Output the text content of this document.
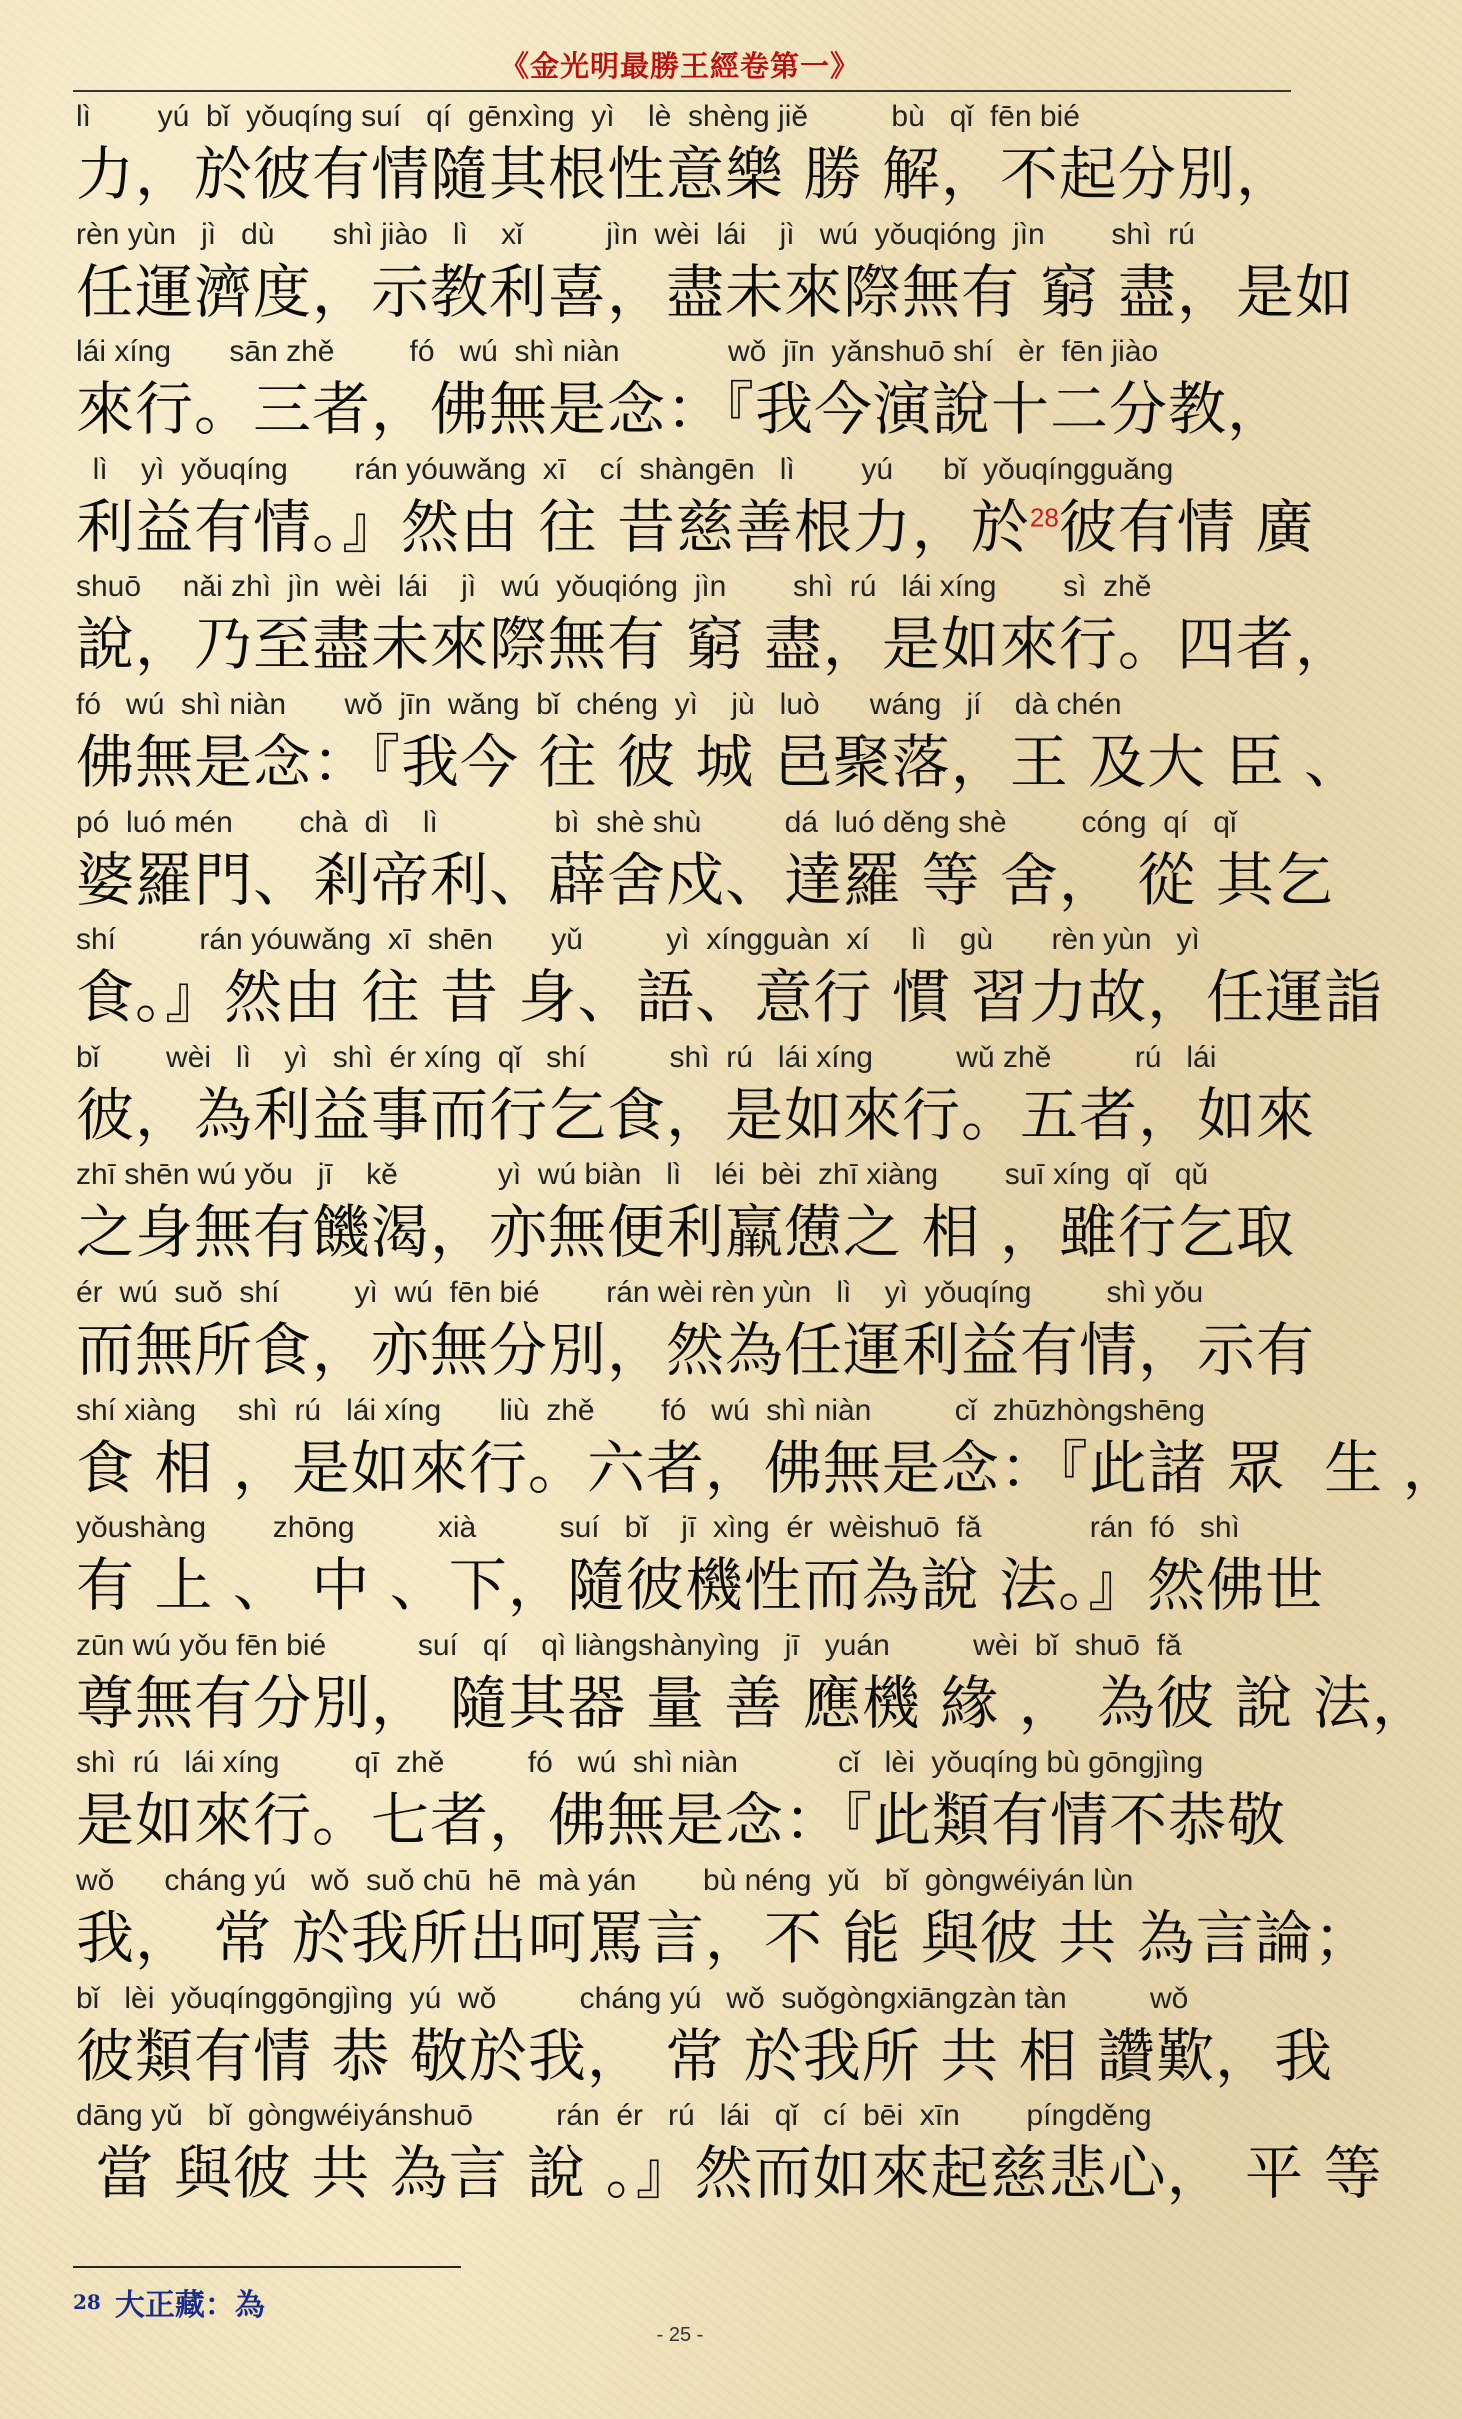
《金光明最勝王經卷第一》
lì        yú  bǐ  yǒuqíng suí   qí  gēnxìng  yì    lè  shèng jiě          bù   qǐ  fēn bié
力，於彼有情隨其根性意樂 勝 解，不起分別，
rèn yùn   jì   dù       shì jiào   lì    xǐ          jìn  wèi  lái    jì   wú  yǒuqióng  jìn        shì  rú
任運濟度，示教利喜，盡未來際無有 窮 盡，是如
lái xíng       sān zhě         fó   wú  shì niàn             wǒ  jīn  yǎnshuō shí   èr  fēn jiào
來行。三者，佛無是念：『我今演說十二分教，
lì    yì  yǒuqíng        rán yóuwǎng  xī    cí  shàngēn   lì        yú      bǐ  yǒuqíngguǎng
利益有情。』然由 往 昔慈善根力，於$^{28}$彼有情 廣
shuō     nǎi zhì  jìn  wèi  lái    jì   wú  yǒuqióng  jìn        shì  rú   lái xíng        sì  zhě
說，乃至盡未來際無有 窮 盡，是如來行。四者，
fó   wú  shì niàn       wǒ  jīn  wǎng  bǐ  chéng  yì    jù   luò      wáng   jí    dà chén
佛無是念：『我今 往 彼 城 邑聚落，王 及大 臣 、
pó  luó mén        chà  dì    lì              bì  shè shù          dá  luó děng shè         cóng  qí   qǐ
婆羅門、剎帝利、薜舍戍、達羅 等 舍， 從 其乞
shí          rán yóuwǎng  xī  shēn       yǔ          yì  xíngguàn  xí     lì    gù       rèn yùn   yì
食。』然由 往 昔 身、語、意行 慣 習力故，任運詣
bǐ        wèi   lì    yì   shì  ér xíng  qǐ   shí          shì  rú   lái xíng          wǔ zhě          rú   lái
彼，為利益事而行乞食，是如來行。五者，如來
zhī shēn wú yǒu   jī    kě            yì  wú biàn   lì    léi  bèi  zhī xiàng        suī xíng  qǐ   qǔ
之身無有饑渴，亦無便利羸憊之 相 ，雖行乞取
ér  wú  suǒ  shí         yì  wú  fēn bié        rán wèi rèn yùn   lì    yì  yǒuqíng         shì yǒu
而無所食，亦無分別，然為任運利益有情，示有
shí xiàng     shì  rú   lái xíng       liù  zhě        fó   wú  shì niàn          cǐ  zhūzhòngshēng
食 相 ，是如來行。六者，佛無是念：『此諸 眾  生 ，
yǒushàng        zhōng          xià          suí   bǐ    jī  xìng  ér  wèishuō  fǎ             rán  fó   shì
有 上 、 中 、下，隨彼機性而為說 法。』然佛世
zūn wú yǒu fēn bié           suí   qí    qì liàngshànyìng   jī   yuán          wèi  bǐ  shuō  fǎ
尊無有分別， 隨其器 量 善 應機 緣 ， 為彼 說 法，
shì  rú   lái xíng         qī  zhě          fó   wú  shì niàn            cǐ   lèi  yǒuqíng bù gōngjìng
是如來行。七者，佛無是念：『此類有情不恭敬
wǒ      cháng yú   wǒ  suǒ chū  hē  mà yán        bù néng  yǔ   bǐ  gòngwéiyán lùn
我， 常 於我所出呵罵言，不 能 與彼 共 為言論；
bǐ   lèi  yǒuqínggōngjìng  yú  wǒ          cháng yú   wǒ  suǒgòngxiāngzàn tàn          wǒ
彼類有情 恭 敬於我， 常 於我所 共 相 讚歎，我
dāng yǔ   bǐ  gòngwéiyánshuō          rán  ér   rú   lái   qǐ   cí  bēi  xīn        píngděng
當 與彼 共 為言 說 。』然而如來起慈悲心， 平 等
$^{28}$ 大正藏：為
- 25 -
